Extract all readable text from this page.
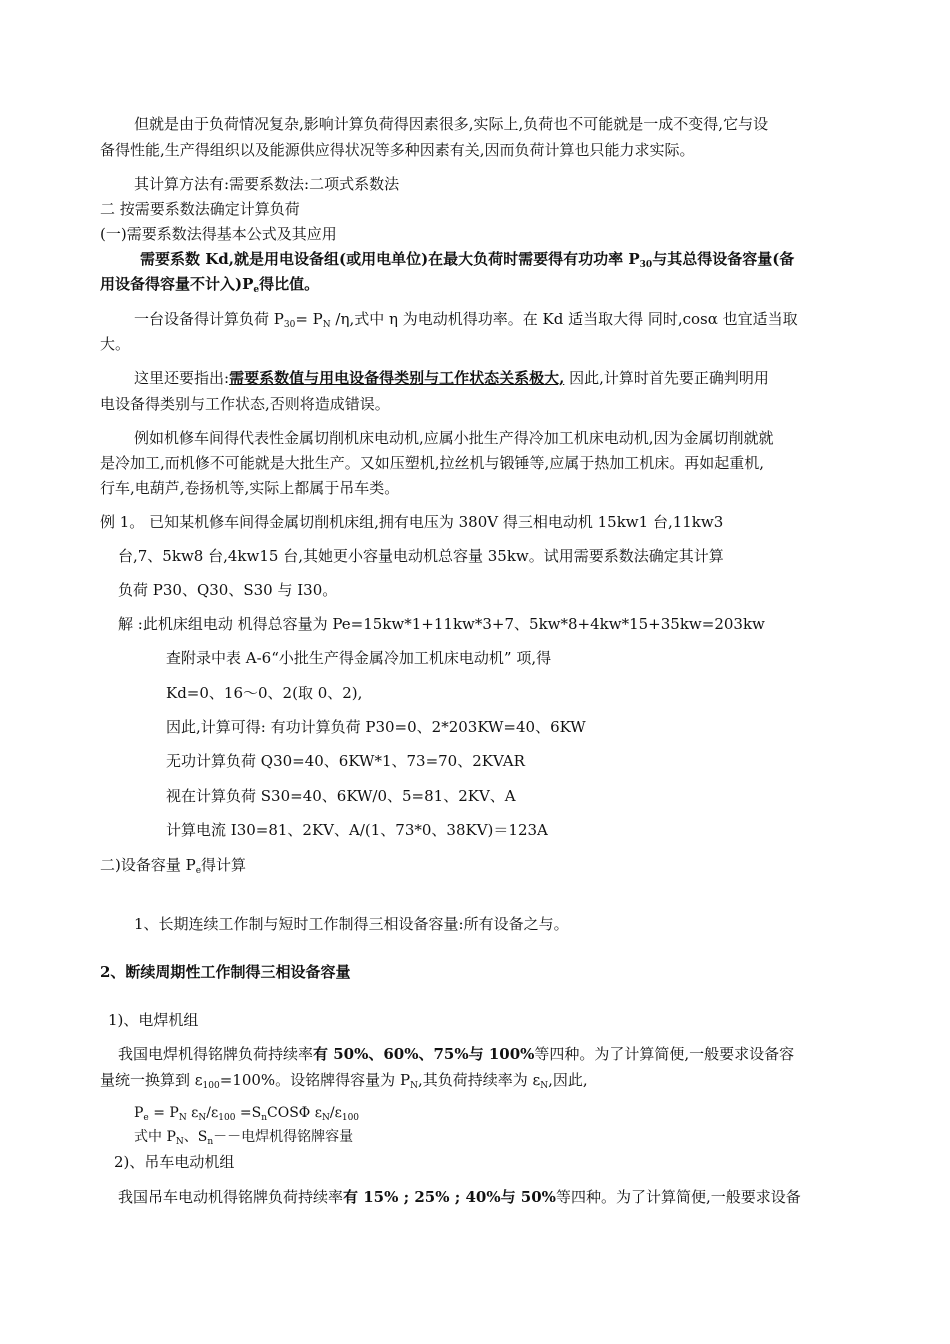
但就是由于负荷情况复杂,影响计算负荷得因素很多,实际上,负荷也不可能就是一成不变得,它与设
备得性能,生产得组织以及能源供应得状况等多种因素有关,因而负荷计算也只能力求实际。
其计算方法有:需要系数法:二项式系数法
二 按需要系数法确定计算负荷
(一)需要系数法得基本公式及其应用
需要系数 Kd,就是用电设备组(或用电单位)在最大负荷时需要得有功功率 $P_{30}$与其总得设备容量(备
用设备得容量不计入)$P_e$得比值。
一台设备得计算负荷 $P_{30}= P_N$ /η,式中 η 为电动机得功率。在 Kd 适当取大得 同时,cosα 也宜适当取
大。
这里还要指出:需要系数值与用电设备得类别与工作状态关系极大, 因此,计算时首先要正确判明用
电设备得类别与工作状态,否则将造成错误。
例如机修车间得代表性金属切削机床电动机,应属小批生产得冷加工机床电动机,因为金属切削就就
是冷加工,而机修不可能就是大批生产。又如压塑机,拉丝机与锻锤等,应属于热加工机床。再如起重机,
行车,电葫芦,卷扬机等,实际上都属于吊车类。
例 1。 已知某机修车间得金属切削机床组,拥有电压为 380V 得三相电动机 15kw1 台,11kw3
台,7、5kw8 台,4kw15 台,其她更小容量电动机总容量 35kw。试用需要系数法确定其计算
负荷 P30、Q30、S30 与 I30。
解 :此机床组电动 机得总容量为 Pe=15kw*1+11kw*3+7、5kw*8+4kw*15+35kw=203kw
查附录中表 A-6“小批生产得金属冷加工机床电动机” 项,得
Kd=0、16～0、2(取 0、2),
因此,计算可得: 有功计算负荷 P30=0、2*203KW=40、6KW
无功计算负荷 Q30=40、6KW*1、73=70、2KVAR
视在计算负荷 S30=40、6KW/0、5=81、2KV、A
计算电流 I30=81、2KV、A/(1、73*0、38KV)＝123A
二)设备容量 $P_e$得计算
1、长期连续工作制与短时工作制得三相设备容量:所有设备之与。
2、断续周期性工作制得三相设备容量
1)、电焊机组
我国电焊机得铭牌负荷持续率有 50%、60%、75%与 100%等四种。为了计算简便,一般要求设备容
量统一换算到 $\varepsilon_{100}=100\%$。设铭牌得容量为 $P_N$,其负荷持续率为 $\varepsilon_N$,因此,
$P_e = P_N$ $\varepsilon_N/\varepsilon_{100} =S_nCOS\Phi$ $\varepsilon_N/\varepsilon_{100}$
式中 $P_N$、$S_n--$电焊机得铭牌容量
2)、吊车电动机组
我国吊车电动机得铭牌负荷持续率有 15% ; 25% ; 40%与 50%等四种。为了计算简便,一般要求设备
